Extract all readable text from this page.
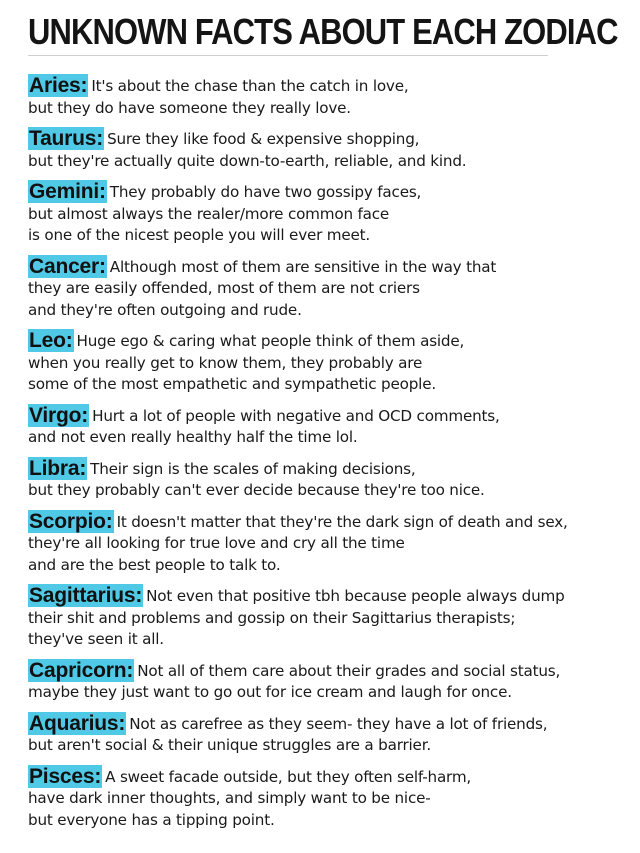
UNKNOWN FACTS ABOUT EACH ZODIAC
Aries: It's about the chase than the catch in love,
but they do have someone they really love.
Taurus: Sure they like food & expensive shopping,
but they're actually quite down-to-earth, reliable, and kind.
Gemini: They probably do have two gossipy faces,
but almost always the realer/more common face
is one of the nicest people you will ever meet.
Cancer: Although most of them are sensitive in the way that
they are easily offended, most of them are not criers
and they're often outgoing and rude.
Leo: Huge ego & caring what people think of them aside,
when you really get to know them, they probably are
some of the most empathetic and sympathetic people.
Virgo: Hurt a lot of people with negative and OCD comments,
and not even really healthy half the time lol.
Libra: Their sign is the scales of making decisions,
but they probably can't ever decide because they're too nice.
Scorpio: It doesn't matter that they're the dark sign of death and sex,
they're all looking for true love and cry all the time
and are the best people to talk to.
Sagittarius: Not even that positive tbh because people always dump
their shit and problems and gossip on their Sagittarius therapists;
they've seen it all.
Capricorn: Not all of them care about their grades and social status,
maybe they just want to go out for ice cream and laugh for once.
Aquarius: Not as carefree as they seem- they have a lot of friends,
but aren't social & their unique struggles are a barrier.
Pisces: A sweet facade outside, but they often self-harm,
have dark inner thoughts, and simply want to be nice-
but everyone has a tipping point.
